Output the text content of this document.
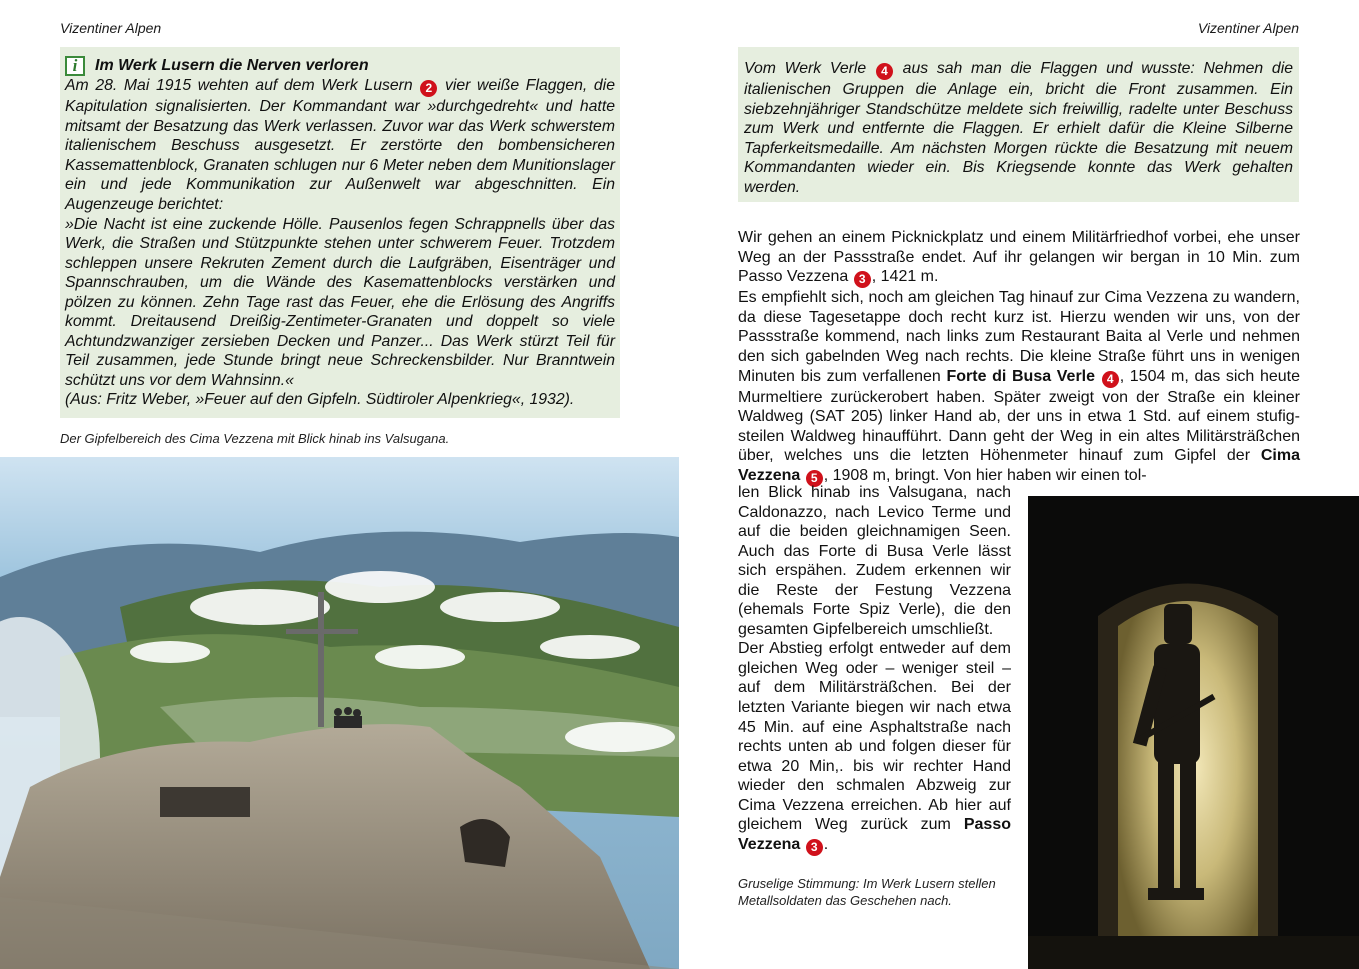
Vizentiner Alpen	Vizentiner Alpen
i	Im Werk Lusern die Nerven verloren

Am 28. Mai 1915 wehten auf dem Werk Lusern 2 vier weiße Flaggen, die Kapitulation signalisierten. Der Kommandant war »durchgedreht« und hatte mitsamt der Besatzung das Werk verlassen. Zuvor war das Werk schwerstem italienischem Beschuss ausgesetzt. Er zerstörte den bombensicheren Kassemattenblock, Granaten schlugen nur 6 Meter neben dem Munitionslager ein und jede Kommunikation zur Außenwelt war abgeschnitten. Ein Augenzeuge berichtet:

»Die Nacht ist eine zuckende Hölle. Pausenlos fegen Schrappnells über das Werk, die Straßen und Stützpunkte stehen unter schwerem Feuer. Trotzdem schleppen unsere Rekruten Zement durch die Laufgräben, Eisenträger und Spannschrauben, um die Wände des Kasemattenblocks verstärken und pölzen zu können. Zehn Tage rast das Feuer, ehe die Erlösung des Angriffs kommt. Dreitausend Dreißig-Zentimeter-Granaten und doppelt so viele Achtundzwanziger zersieben Decken und Panzer... Das Werk stürzt Teil für Teil zusammen, jede Stunde bringt neue Schreckensbilder. Nur Branntwein schützt uns vor dem Wahnsinn.«

(Aus: Fritz Weber, »Feuer auf den Gipfeln. Südtiroler Alpenkrieg«, 1932).

Vom Werk Verle 4 aus sah man die Flaggen und wusste: Nehmen die italienischen Gruppen die Anlage ein, bricht die Front zusammen. Ein siebzehnjähriger Standschütze meldete sich freiwillig, radelte unter Beschuss zum Werk und entfernte die Flaggen. Er erhielt dafür die Kleine Silberne Tapferkeitsmedaille. Am nächsten Morgen rückte die Besatzung mit neuem Kommandanten wieder ein. Bis Kriegsende konnte das Werk gehalten werden.

Der Gipfelbereich des Cima Vezzena mit Blick hinab ins Valsugana.

Wir gehen an einem Picknickplatz und einem Militärfriedhof vorbei, ehe unser Weg an der Passstraße endet. Auf ihr gelangen wir bergan in 10 Min. zum Passo Vezzena 3 , 1421 m.

Es empfiehlt sich, noch am gleichen Tag hinauf zur Cima Vezzena zu wandern, da diese Tagesetappe doch recht kurz ist. Hierzu wenden wir uns, von der Passstraße kommend, nach links zum Restaurant Baita al Verle und nehmen den sich gabelnden Weg nach rechts. Die kleine Straße führt uns in wenigen Minuten bis zum verfallenen Forte di Busa Verle 4 , 1504 m, das sich heute Murmeltiere zurückerobert haben. Später zweigt von der Straße ein kleiner Waldweg (SAT 205) linker Hand ab, der uns in etwa 1 Std. auf einem stufig-steilen Waldweg hinaufführt. Dann geht der Weg in ein altes Militärsträßchen über, welches uns die letzten Höhenmeter hinauf zum Gipfel der Cima Vezzena 5 , 1908 m, bringt. Von hier haben wir einen tol-

len Blick hinab ins Valsugana, nach Caldonazzo, nach Levico Terme und auf die beiden gleichnamigen Seen. Auch das Forte di Busa Verle lässt sich erspähen. Zudem erkennen wir die Reste der Festung Vezzena (ehemals Forte Spiz Verle), die den gesamten Gipfelbereich umschließt.

Der Abstieg erfolgt entweder auf dem gleichen Weg oder – weniger steil – auf dem Militärsträßchen. Bei der letzten Variante biegen wir nach etwa 45 Min. auf eine Asphaltstraße nach rechts unten ab und folgen dieser für etwa 20 Min,. bis wir rechter Hand wieder den schmalen Abzweig zur Cima Vezzena erreichen. Ab hier auf gleichem Weg zurück zum Passo Vezzena 3 .

Gruselige Stimmung: Im Werk Lusern stellen Metallsoldaten das Geschehen nach.
